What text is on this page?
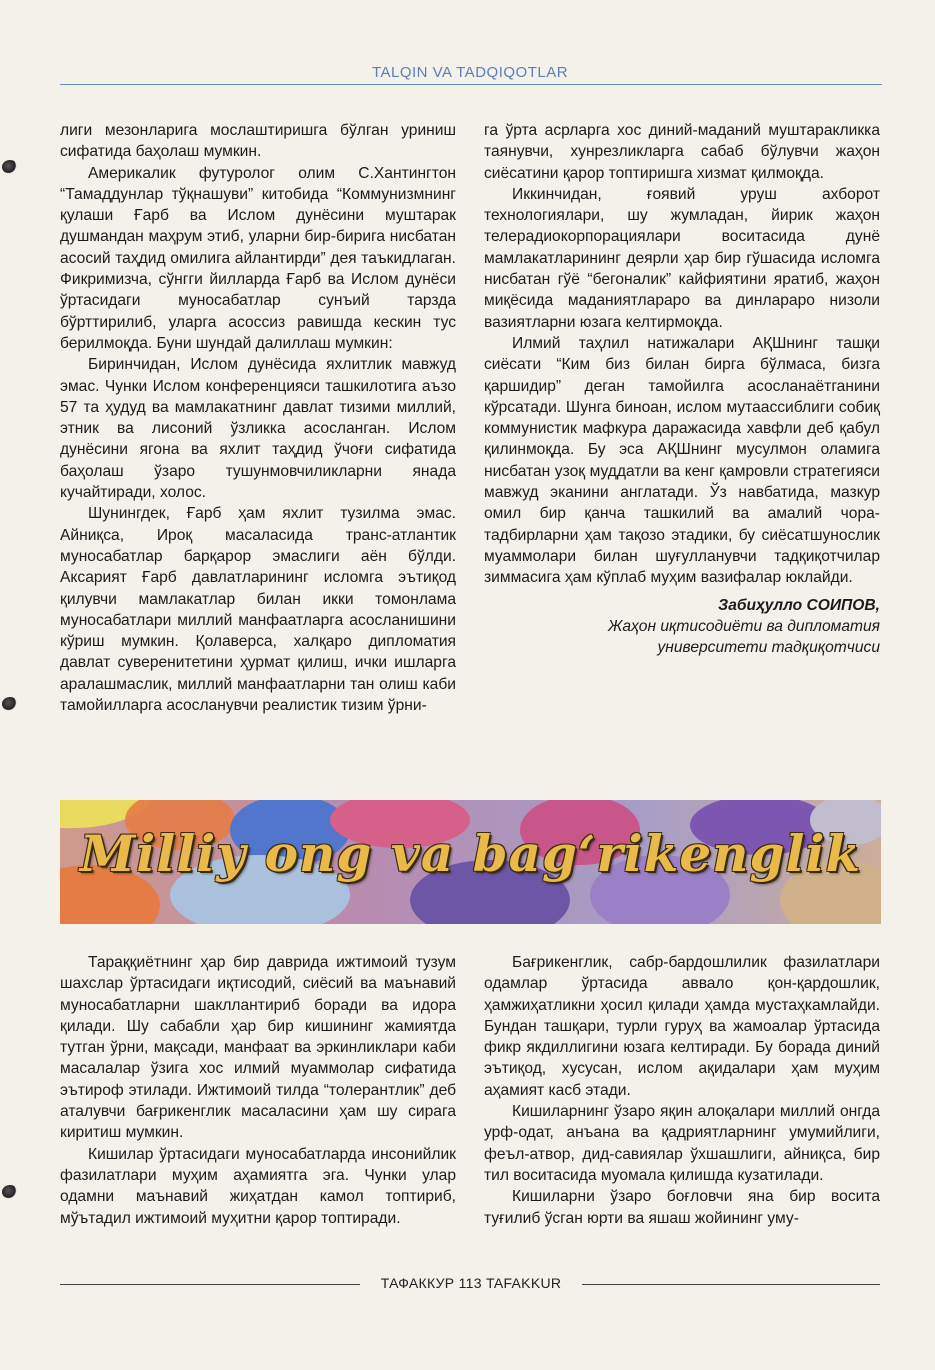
TALQIN VA TADQIQOTLAR

лиги мезонларига мослаштиришга бўлган уриниш сифатида баҳолаш мумкин.

Америкалик футуролог олим С.Хантингтон “Тамаддунлар тўқнашуви” китобида “Коммунизмнинг қулаши Ғарб ва Ислом дунёсини муштарак душмандан маҳрум этиб, уларни бир-бирига нисбатан асосий таҳдид омилига айлантирди” дея таъкидлаган. Фикримизча, сўнгги йилларда Ғарб ва Ислом дунёси ўртасидаги муносабатлар сунъий тарзда бўрттирилиб, уларга асоссиз равишда кескин тус берилмоқда. Буни шундай далиллаш мумкин:

Биринчидан, Ислом дунёсида яхлитлик мавжуд эмас. Чунки Ислом конференцияси ташкилотига аъзо 57 та ҳудуд ва мамлакатнинг давлат тизими миллий, этник ва лисоний ўзликка асосланган. Ислом дунёсини ягона ва яхлит таҳдид ўчоғи сифатида баҳолаш ўзаро тушунмовчиликларни янада кучайтиради, холос.

Шунингдек, Ғарб ҳам яхлит тузилма эмас. Айниқса, Ироқ масаласида транс-атлантик муносабатлар барқарор эмаслиги аён бўлди. Аксарият Ғарб давлатларининг исломга эътиқод қилувчи мамлакатлар билан икки томонлама муносабатлари миллий манфаатларга асосланишини кўриш мумкин. Қолаверса, халқаро дипломатия давлат суверенитетини ҳурмат қилиш, ички ишларга аралашмаслик, миллий манфаатларни тан олиш каби тамойилларга асосланувчи реалистик тизим ўрни-

га ўрта асрларга хос диний-маданий муштаракликка таянувчи, хунрезликларга сабаб бўлувчи жаҳон сиёсатини қарор топтиришга хизмат қилмоқда.

Иккинчидан, ғоявий уруш ахборот технологиялари, шу жумладан, йирик жаҳон телерадиокорпорациялари воситасида дунё мамлакатларининг деярли ҳар бир гўшасида исломга нисбатан гўё “бегоналик” кайфиятини яратиб, жаҳон миқёсида маданиятлараро ва динлараро низоли вазиятларни юзага келтирмоқда.

Илмий таҳлил натижалари АҚШнинг ташқи сиёсати “Ким биз билан бирга бўлмаса, бизга қаршидир” деган тамойилга асосланаётганини кўрсатади. Шунга биноан, ислом мутаассиблиги собиқ коммунистик мафкура даражасида хавфли деб қабул қилинмоқда. Бу эса АҚШнинг мусулмон оламига нисбатан узоқ муддатли ва кенг қамровли стратегияси мавжуд эканини англатади. Ўз навбатида, мазкур омил бир қанча ташкилий ва амалий чора-тадбирларни ҳам тақозо этадики, бу сиёсатшунослик муаммолари билан шуғулланувчи тадқиқотчилар зиммасига ҳам кўплаб муҳим вазифалар юклайди.

Забиҳулло СОИПОВ,
Жаҳон иқтисодиёти ва дипломатия
университети тадқиқотчиси
Milliy ong va bag‘rikenglik

Тараққиётнинг ҳар бир даврида ижтимоий тузум шахслар ўртасидаги иқтисодий, сиёсий ва маънавий муносабатларни шакллантириб боради ва идора қилади. Шу сабабли ҳар бир кишининг жамиятда тутган ўрни, мақсади, манфаат ва эркинликлари каби масалалар ўзига хос илмий муаммолар сифатида эътироф этилади. Ижтимоий тилда “толерантлик” деб аталувчи бағрикенглик масаласини ҳам шу сирага киритиш мумкин.

Кишилар ўртасидаги муносабатларда инсонийлик фазилатлари муҳим аҳамиятга эга. Чунки улар одамни маънавий жиҳатдан камол топтириб, мўътадил ижтимоий муҳитни қарор топтиради.

Бағрикенглик, сабр-бардошлилик фазилатлари одамлар ўртасида аввало қон-қардошлик, ҳамжиҳатликни ҳосил қилади ҳамда мустаҳкамлайди. Бундан ташқари, турли гуруҳ ва жамоалар ўртасида фикр якдиллигини юзага келтиради. Бу борада диний эътиқод, хусусан, ислом ақидалари ҳам муҳим аҳамият касб этади.

Кишиларнинг ўзаро яқин алоқалари миллий онгда урф-одат, анъана ва қадриятларнинг умумийлиги, феъл-атвор, дид-савиялар ўхшашлиги, айниқса, бир тил воситасида муомала қилишда кузатилади.

Кишиларни ўзаро боғловчи яна бир восита туғилиб ўсган юрти ва яшаш жойининг уму-

ТАФАККУР 113 TAFAKKUR
